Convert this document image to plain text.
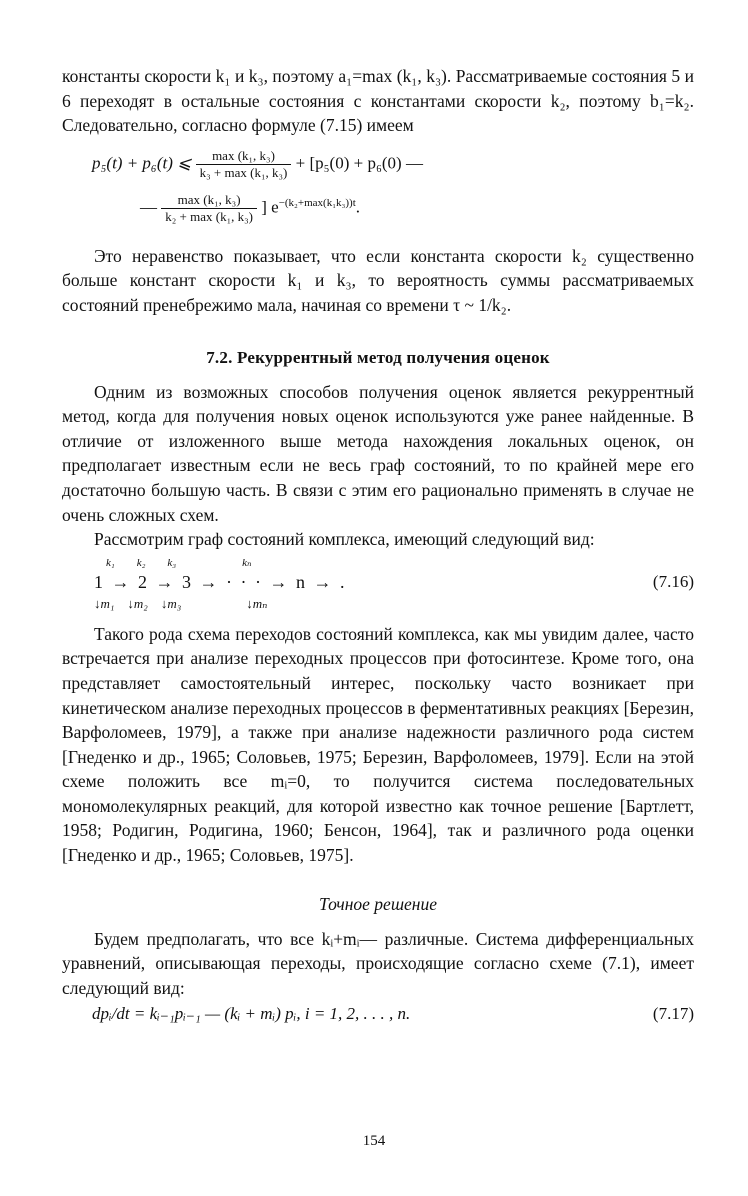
константы скорости k₁ и k₃, поэтому a₁=max (k₁, k₃). Рассматриваемые состояния 5 и 6 переходят в остальные состояния с константами скорости k₂, поэтому b₁=k₂. Следовательно, согласно формуле (7.15) имеем

p₅(t) + p₆(t) ⩽ $\frac{\text{max (k₁, k₃)}}{\text{k₃ + max (k₁, k₃)}} + [p_5(0) + p_6(0)$ —
— $\frac{\text{max (k₁, k₃)}}{\text{k₂ + max (k₁, k₃)}}$ ] $e^{-(k_2+max(k_1k_3))t}$.

Это неравенство показывает, что если константа скорости k₂ существенно больше констант скорости k₁ и k₃, то вероятность суммы рассматриваемых состояний пренебрежимо мала, начиная со времени τ ~ 1/k₂.

7.2. Рекуррентный метод получения оценок

Одним из возможных способов получения оценок является рекуррентный метод, когда для получения новых оценок используются уже ранее найденные. В отличие от изложенного выше метода нахождения локальных оценок, он предполагает известным если не весь граф состояний, то по крайней мере его достаточно большую часть. В связи с этим его рационально применять в случае не очень сложных схем.

Рассмотрим граф состояний комплекса, имеющий следующий вид:

k₁        k₂        k₃                        kₙ
1 → 2 → 3 → · · · → n → .
↓m₁    ↓m₂    ↓m₃                    ↓mₙ
(7.16)

Такого рода схема переходов состояний комплекса, как мы увидим далее, часто встречается при анализе переходных процессов при фотосинтезе. Кроме того, она представляет самостоятельный интерес, поскольку часто возникает при кинетическом анализе переходных процессов в ферментативных реакциях [Березин, Варфоломеев, 1979], а также при анализе надежности различного рода систем [Гнеденко и др., 1965; Соловьев, 1975; Березин, Варфоломеев, 1979]. Если на этой схеме положить все mᵢ=0, то получится система последовательных мономолекулярных реакций, для которой известно как точное решение [Бартлетт, 1958; Родигин, Родигина, 1960; Бенсон, 1964], так и различного рода оценки [Гнеденко и др., 1965; Соловьев, 1975].

Точное решение

Будем предполагать, что все kᵢ+mᵢ— различные. Система дифференциальных уравнений, описывающая переходы, происходящие согласно схеме (7.1), имеет следующий вид:

dpᵢ/dt = kᵢ₋₁pᵢ₋₁ — (kᵢ + mᵢ) pᵢ, i = 1, 2, . . . , n.	(7.17)
154
